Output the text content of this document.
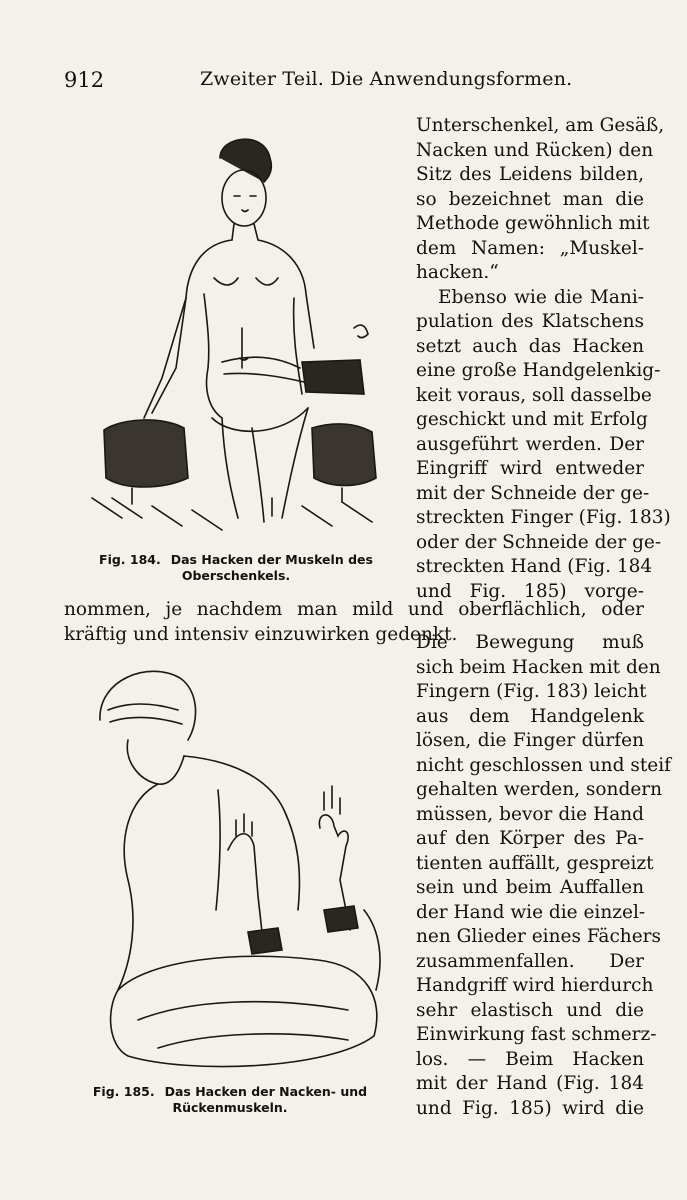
912	Zweiter Teil. Die Anwendungsformen.
Fig. 184. Das Hacken der Muskeln des Oberschenkels.
Fig. 185. Das Hacken der Nacken- und Rückenmuskeln.
Unterschenkel, am Gesäß,
Nacken und Rücken) den
Sitz des Leidens bilden,
so bezeichnet man die
Methode gewöhnlich mit
dem Namen: „Muskel-
hacken.“
Ebenso wie die Mani-
pulation des Klatschens
setzt auch das Hacken
eine große Handgelenkig-
keit voraus, soll dasselbe
geschickt und mit Erfolg
ausgeführt werden. Der
Eingriff wird entweder
mit der Schneide der ge-
streckten Finger (Fig. 183)
oder der Schneide der ge-
streckten Hand (Fig. 184
und Fig. 185) vorge-
nommen, je nachdem man mild und oberflächlich, oder
kräftig und intensiv einzuwirken gedenkt.
Die Bewegung muß
sich beim Hacken mit den
Fingern (Fig. 183) leicht
aus dem Handgelenk
lösen, die Finger dürfen
nicht geschlossen und steif
gehalten werden, sondern
müssen, bevor die Hand
auf den Körper des Pa-
tienten auffällt, gespreizt
sein und beim Auffallen
der Hand wie die einzel-
nen Glieder eines Fächers
zusammenfallen. Der
Handgriff wird hierdurch
sehr elastisch und die
Einwirkung fast schmerz-
los. — Beim Hacken
mit der Hand (Fig. 184
und Fig. 185) wird die
